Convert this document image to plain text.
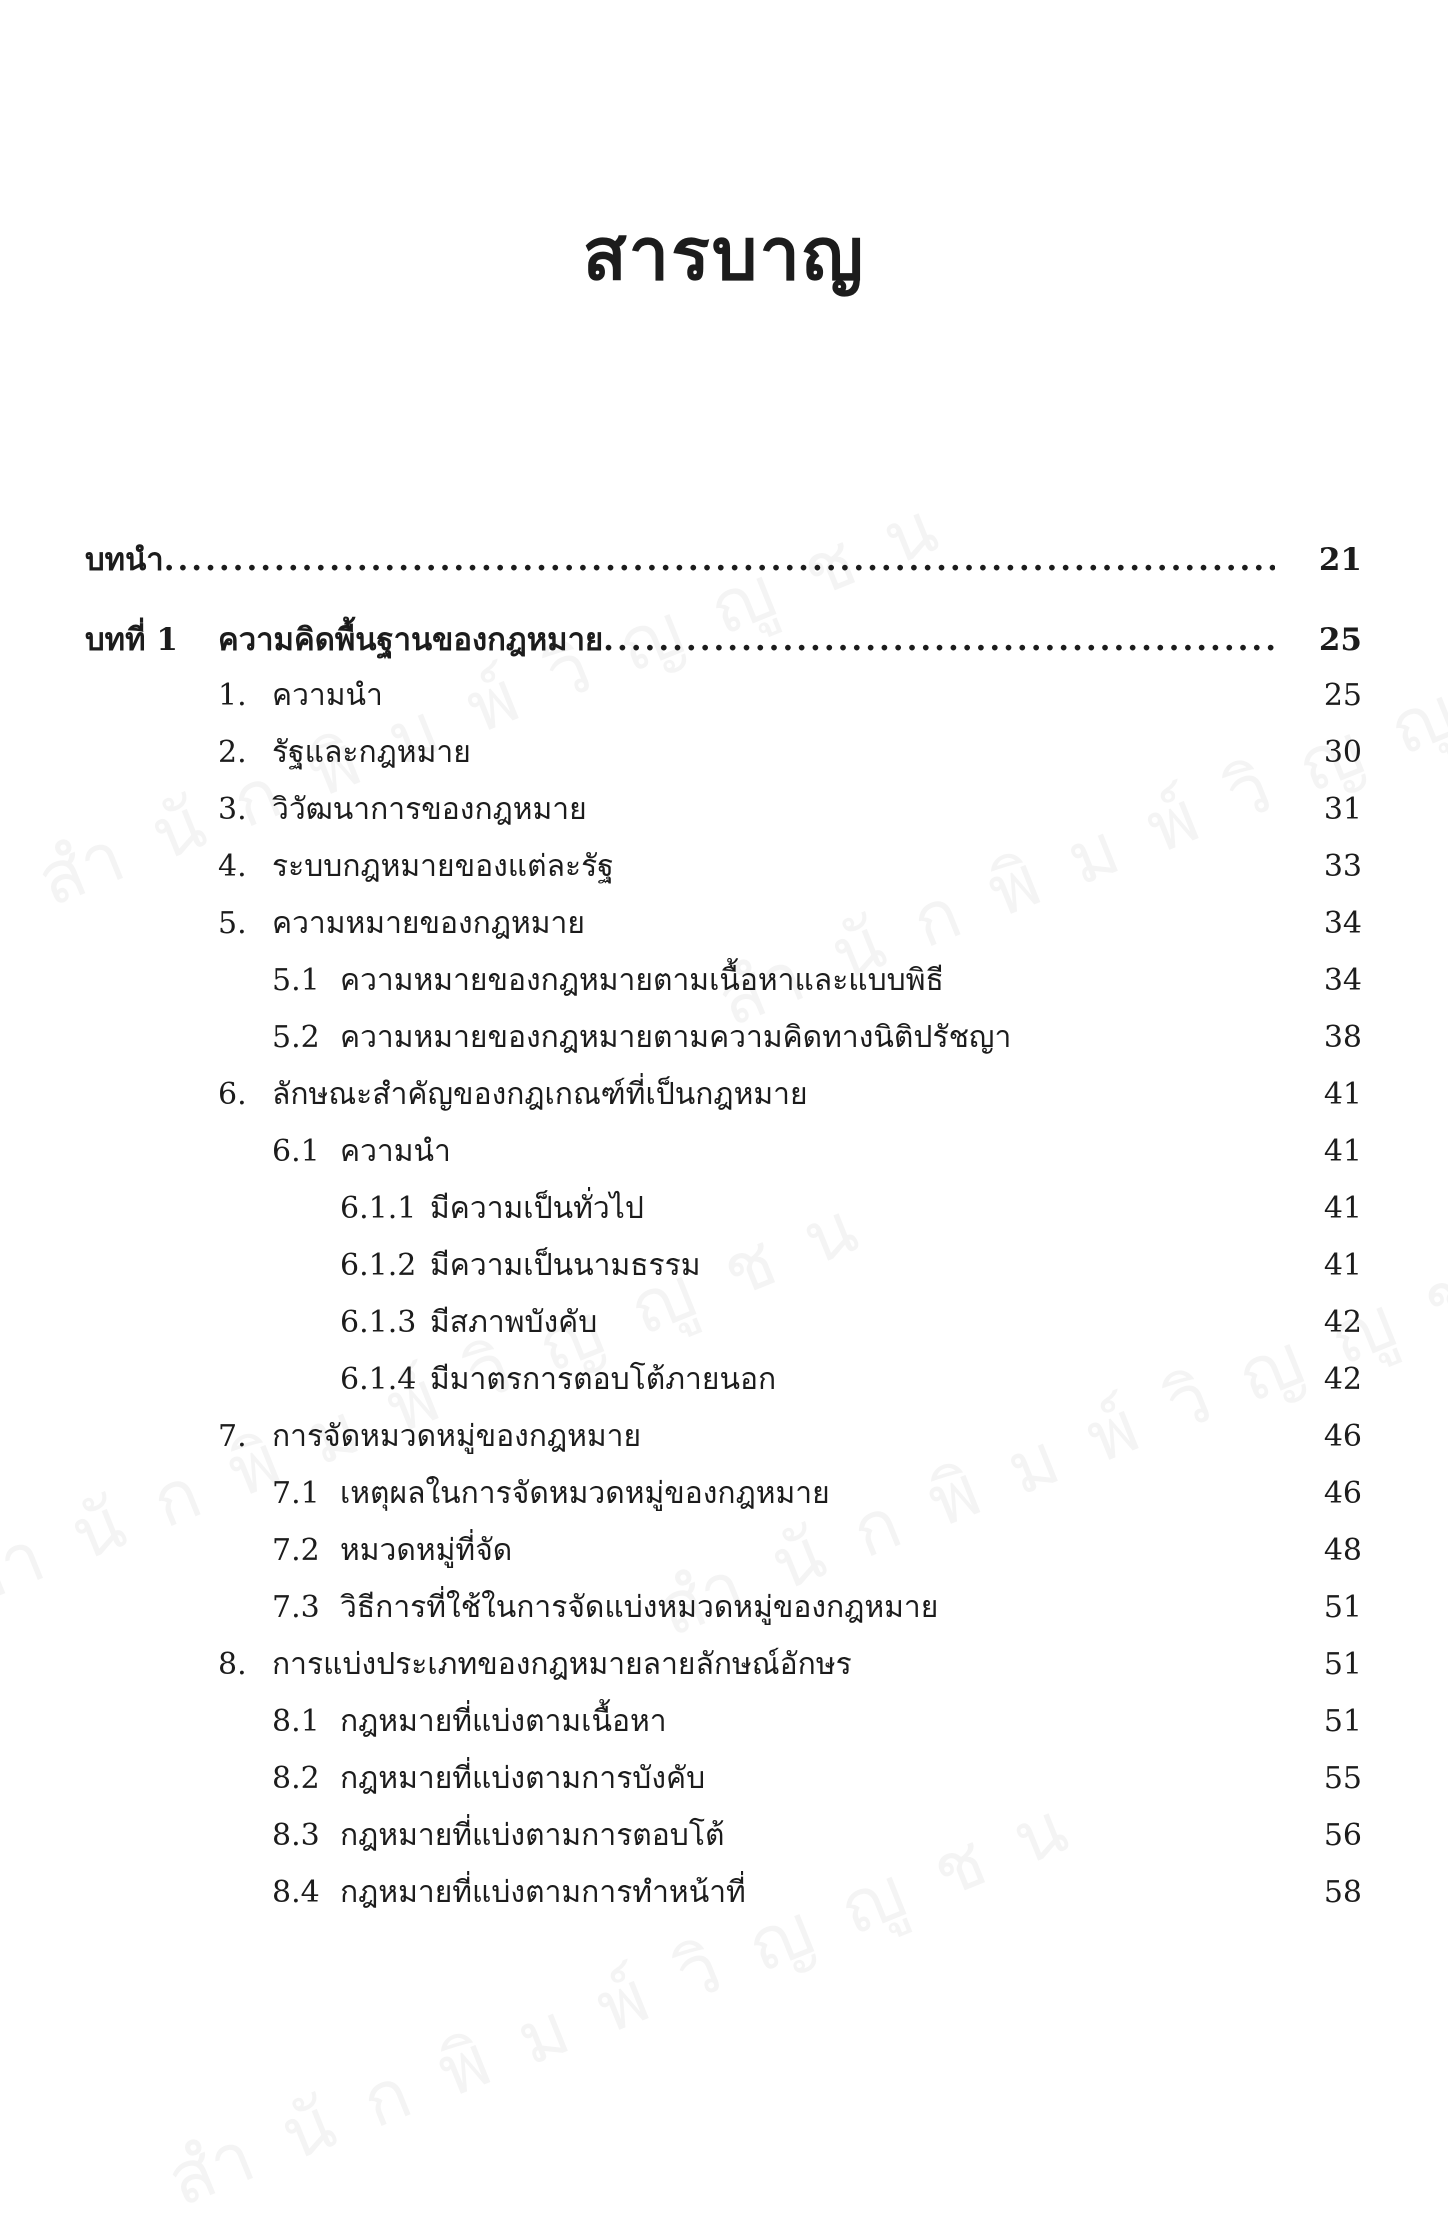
สารบาญ
บทนำ .....	21
บทที่ 1 ความคิดพื้นฐานของกฎหมาย .....	25
1. ความนำ	25
2. รัฐและกฎหมาย	30
3. วิวัฒนาการของกฎหมาย	31
4. ระบบกฎหมายของแต่ละรัฐ	33
5. ความหมายของกฎหมาย	34
5.1 ความหมายของกฎหมายตามเนื้อหาและแบบพิธี	34
5.2 ความหมายของกฎหมายตามความคิดทางนิติปรัชญา	38
6. ลักษณะสำคัญของกฎเกณฑ์ที่เป็นกฎหมาย	41
6.1 ความนำ	41
6.1.1 มีความเป็นทั่วไป	41
6.1.2 มีความเป็นนามธรรม	41
6.1.3 มีสภาพบังคับ	42
6.1.4 มีมาตรการตอบโต้ภายนอก	42
7. การจัดหมวดหมู่ของกฎหมาย	46
7.1 เหตุผลในการจัดหมวดหมู่ของกฎหมาย	46
7.2 หมวดหมู่ที่จัด	48
7.3 วิธีการที่ใช้ในการจัดแบ่งหมวดหมู่ของกฎหมาย	51
8. การแบ่งประเภทของกฎหมายลายลักษณ์อักษร	51
8.1 กฎหมายที่แบ่งตามเนื้อหา	51
8.2 กฎหมายที่แบ่งตามการบังคับ	55
8.3 กฎหมายที่แบ่งตามการตอบโต้	56
8.4 กฎหมายที่แบ่งตามการทำหน้าที่	58
